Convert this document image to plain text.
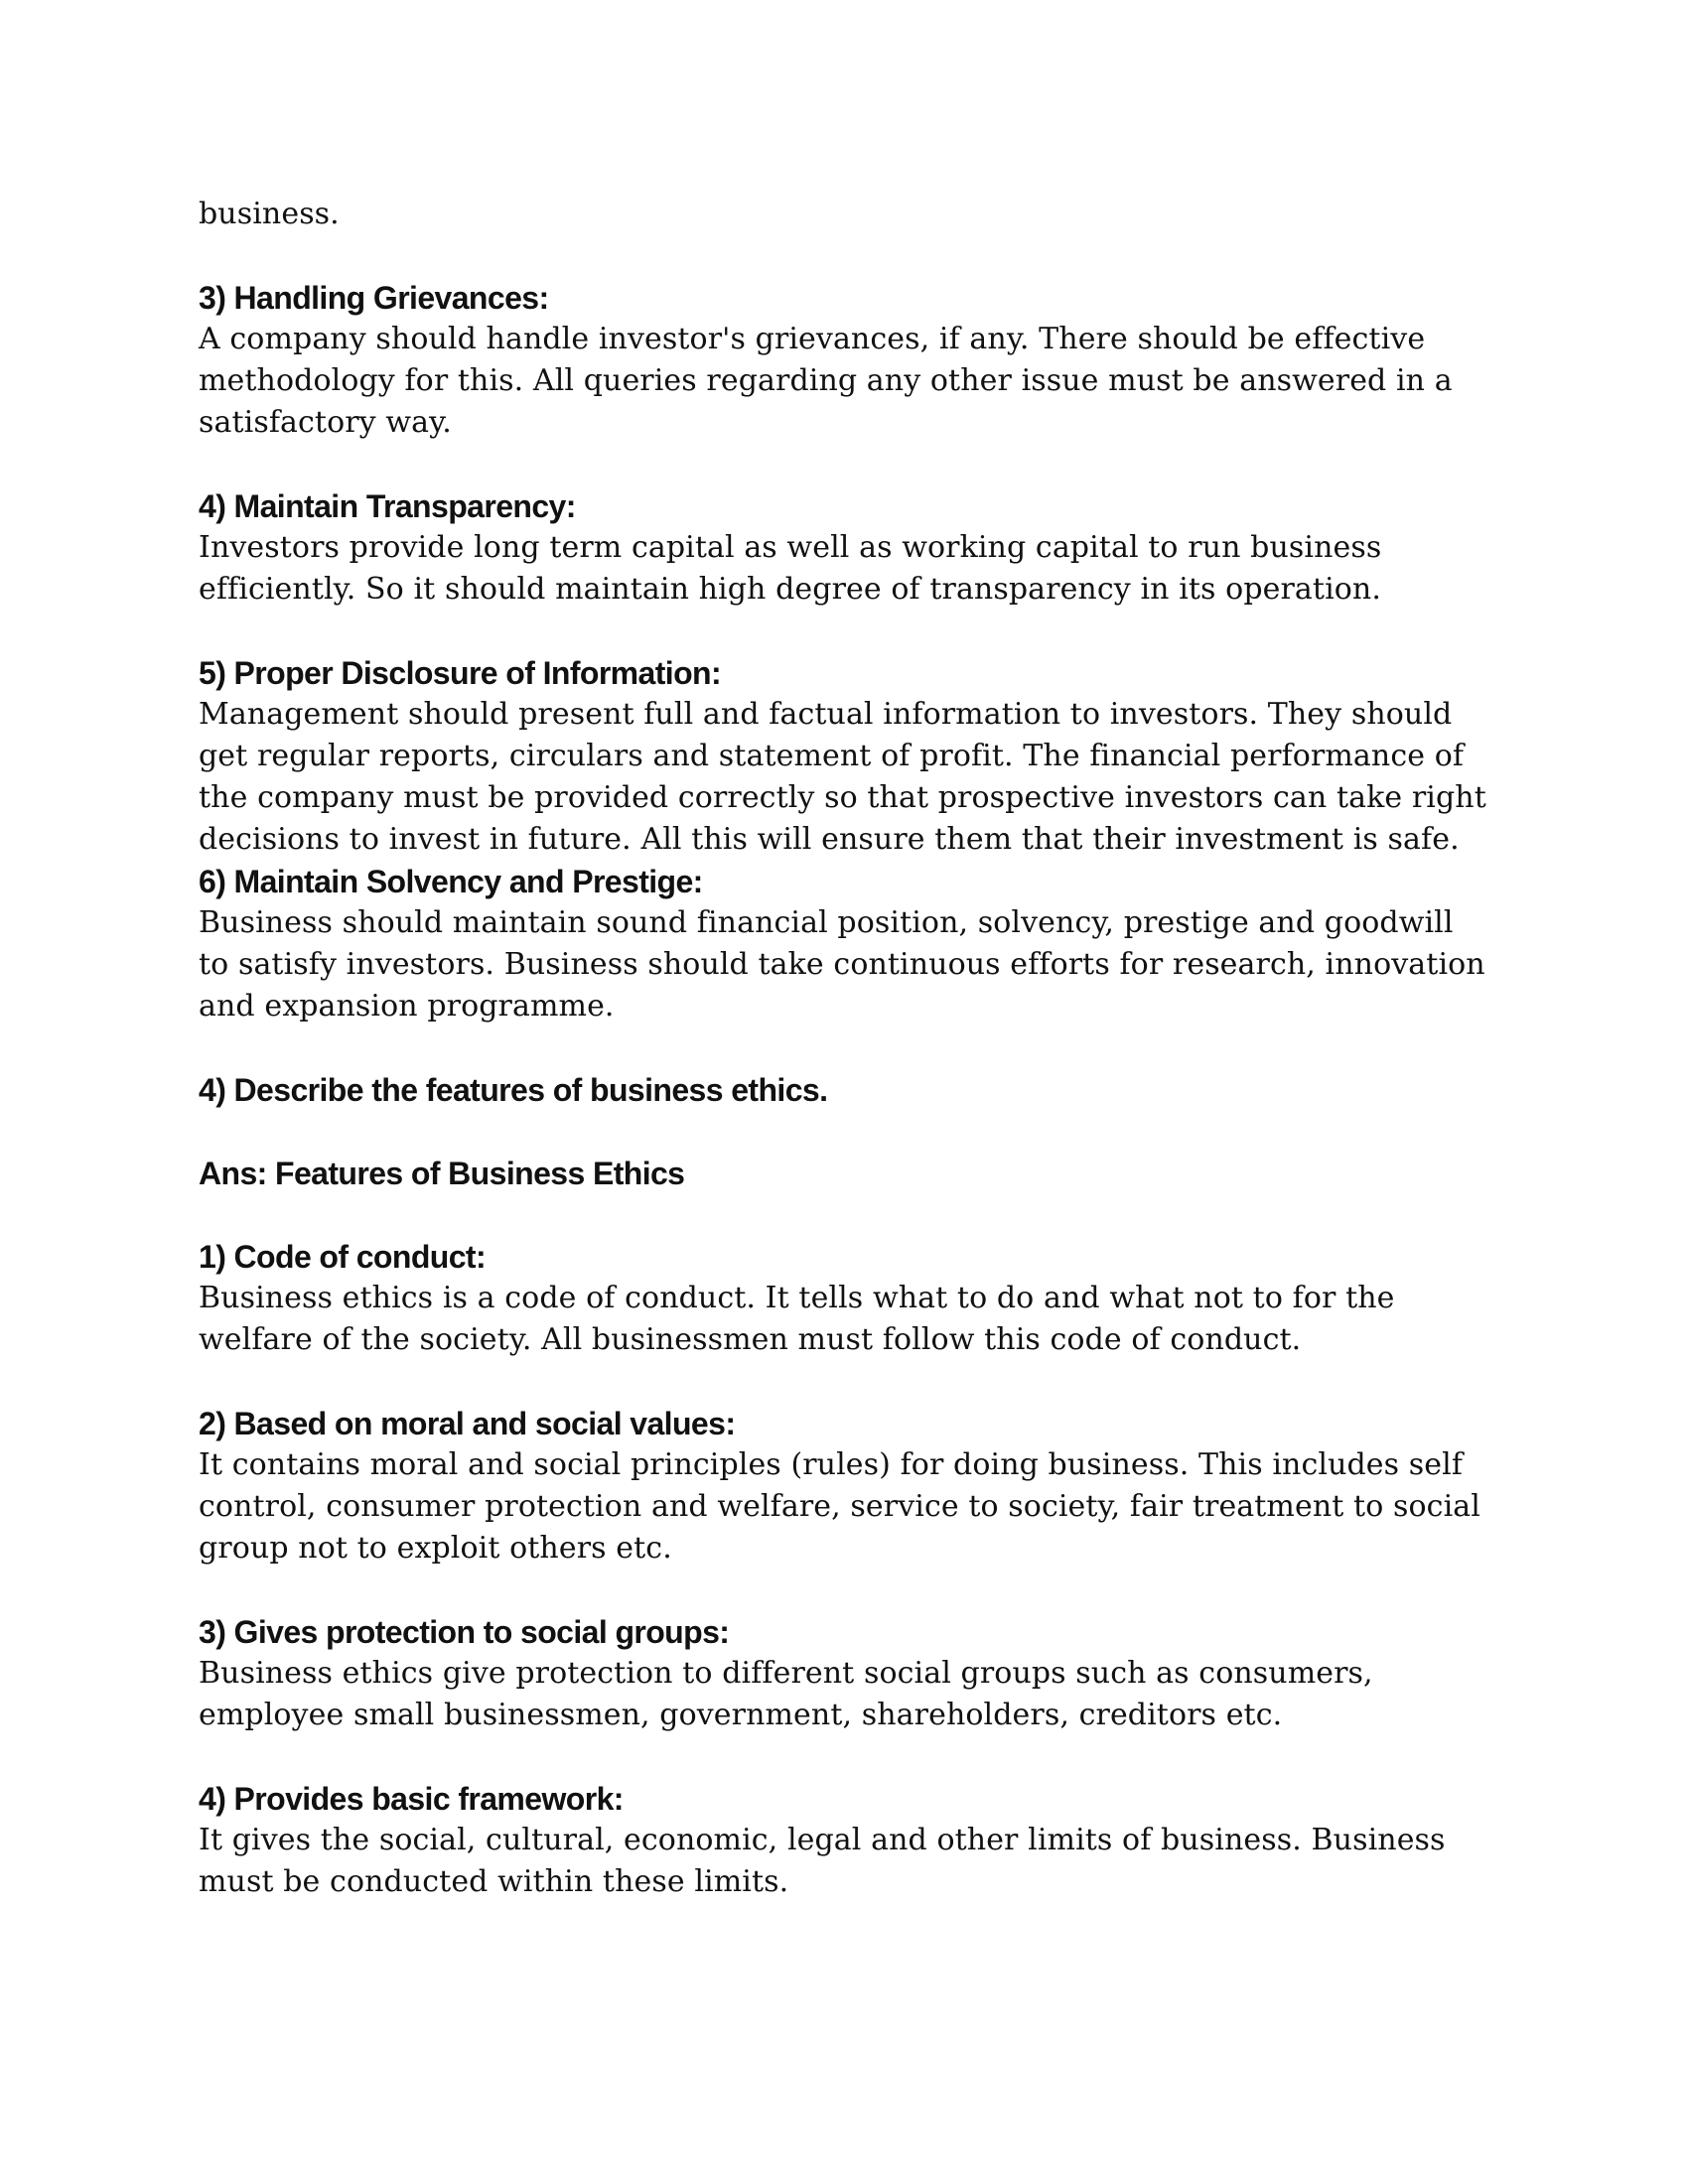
business.
3) Handling Grievances:
A company should handle investor's grievances, if any. There should be effective
methodology for this. All queries regarding any other issue must be answered in a
satisfactory way.
4) Maintain Transparency:
Investors provide long term capital as well as working capital to run business
efficiently. So it should maintain high degree of transparency in its operation.
5) Proper Disclosure of Information:
Management should present full and factual information to investors. They should
get regular reports, circulars and statement of profit. The financial performance of
the company must be provided correctly so that prospective investors can take right
decisions to invest in future. All this will ensure them that their investment is safe.
6) Maintain Solvency and Prestige:
Business should maintain sound financial position, solvency, prestige and goodwill
to satisfy investors. Business should take continuous efforts for research, innovation
and expansion programme.
4) Describe the features of business ethics.
Ans: Features of Business Ethics
1) Code of conduct:
Business ethics is a code of conduct. It tells what to do and what not to for the
welfare of the society. All businessmen must follow this code of conduct.
2) Based on moral and social values:
It contains moral and social principles (rules) for doing business. This includes self
control, consumer protection and welfare, service to society, fair treatment to social
group not to exploit others etc.
3) Gives protection to social groups:
Business ethics give protection to different social groups such as consumers,
employee small businessmen, government, shareholders, creditors etc.
4) Provides basic framework:
It gives the social, cultural, economic, legal and other limits of business. Business
must be conducted within these limits.
